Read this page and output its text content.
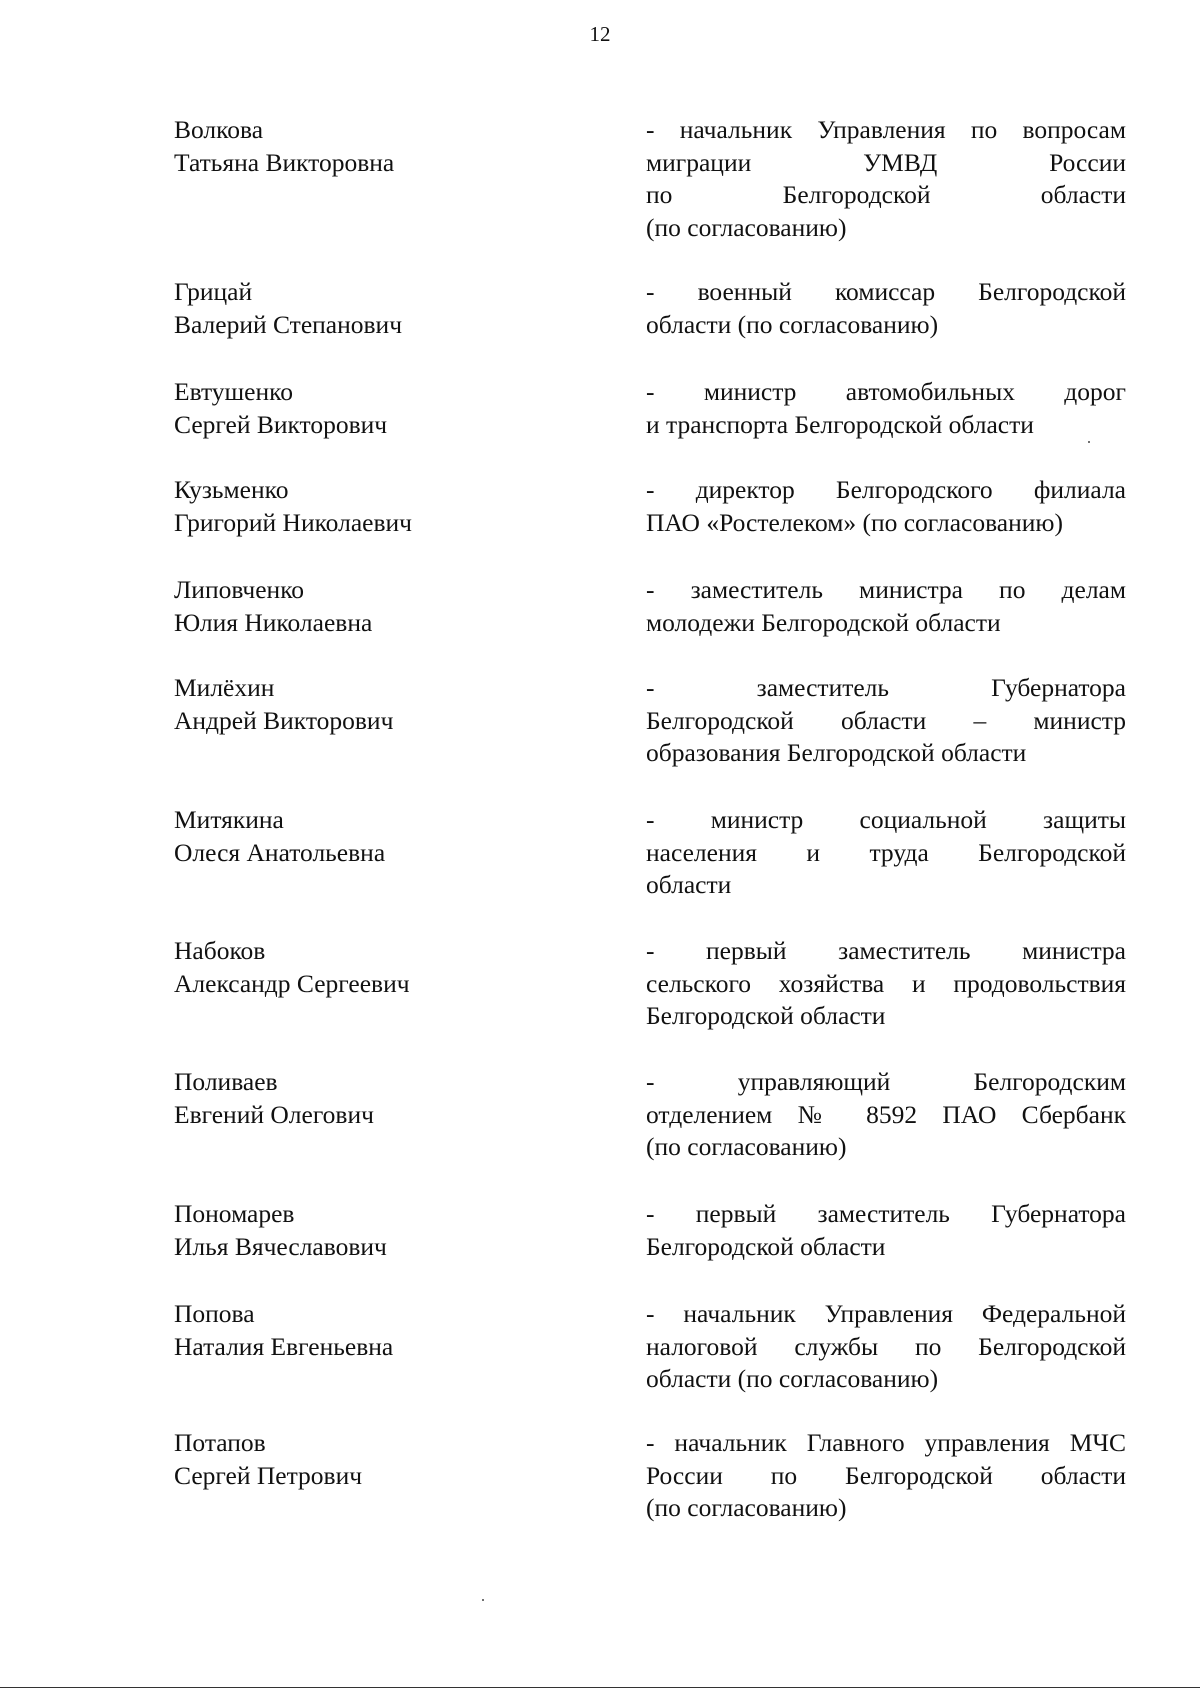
12
Волкова
Татьяна Викторовна
- начальник Управления по вопросам
миграции УМВД России
по Белгородской области
(по согласованию)
Грицай
Валерий Степанович
- военный комиссар Белгородской
области (по согласованию)
Евтушенко
Сергей Викторович
- министр автомобильных дорог
и транспорта Белгородской области
Кузьменко
Григорий Николаевич
- директор Белгородского филиала
ПАО «Ростелеком» (по согласованию)
Липовченко
Юлия Николаевна
- заместитель министра по делам
молодежи Белгородской области
Милёхин
Андрей Викторович
- заместитель Губернатора
Белгородской области – министр
образования Белгородской области
Митякина
Олеся Анатольевна
- министр социальной защиты
населения и труда Белгородской
области
Набоков
Александр Сергеевич
- первый заместитель министра
сельского хозяйства и продовольствия
Белгородской области
Поливаев
Евгений Олегович
- управляющий Белгородским
отделением № 8592 ПАО Сбербанк
(по согласованию)
Пономарев
Илья Вячеславович
- первый заместитель Губернатора
Белгородской области
Попова
Наталия Евгеньевна
- начальник Управления Федеральной
налоговой службы по Белгородской
области (по согласованию)
Потапов
Сергей Петрович
- начальник Главного управления МЧС
России по Белгородской области
(по согласованию)
